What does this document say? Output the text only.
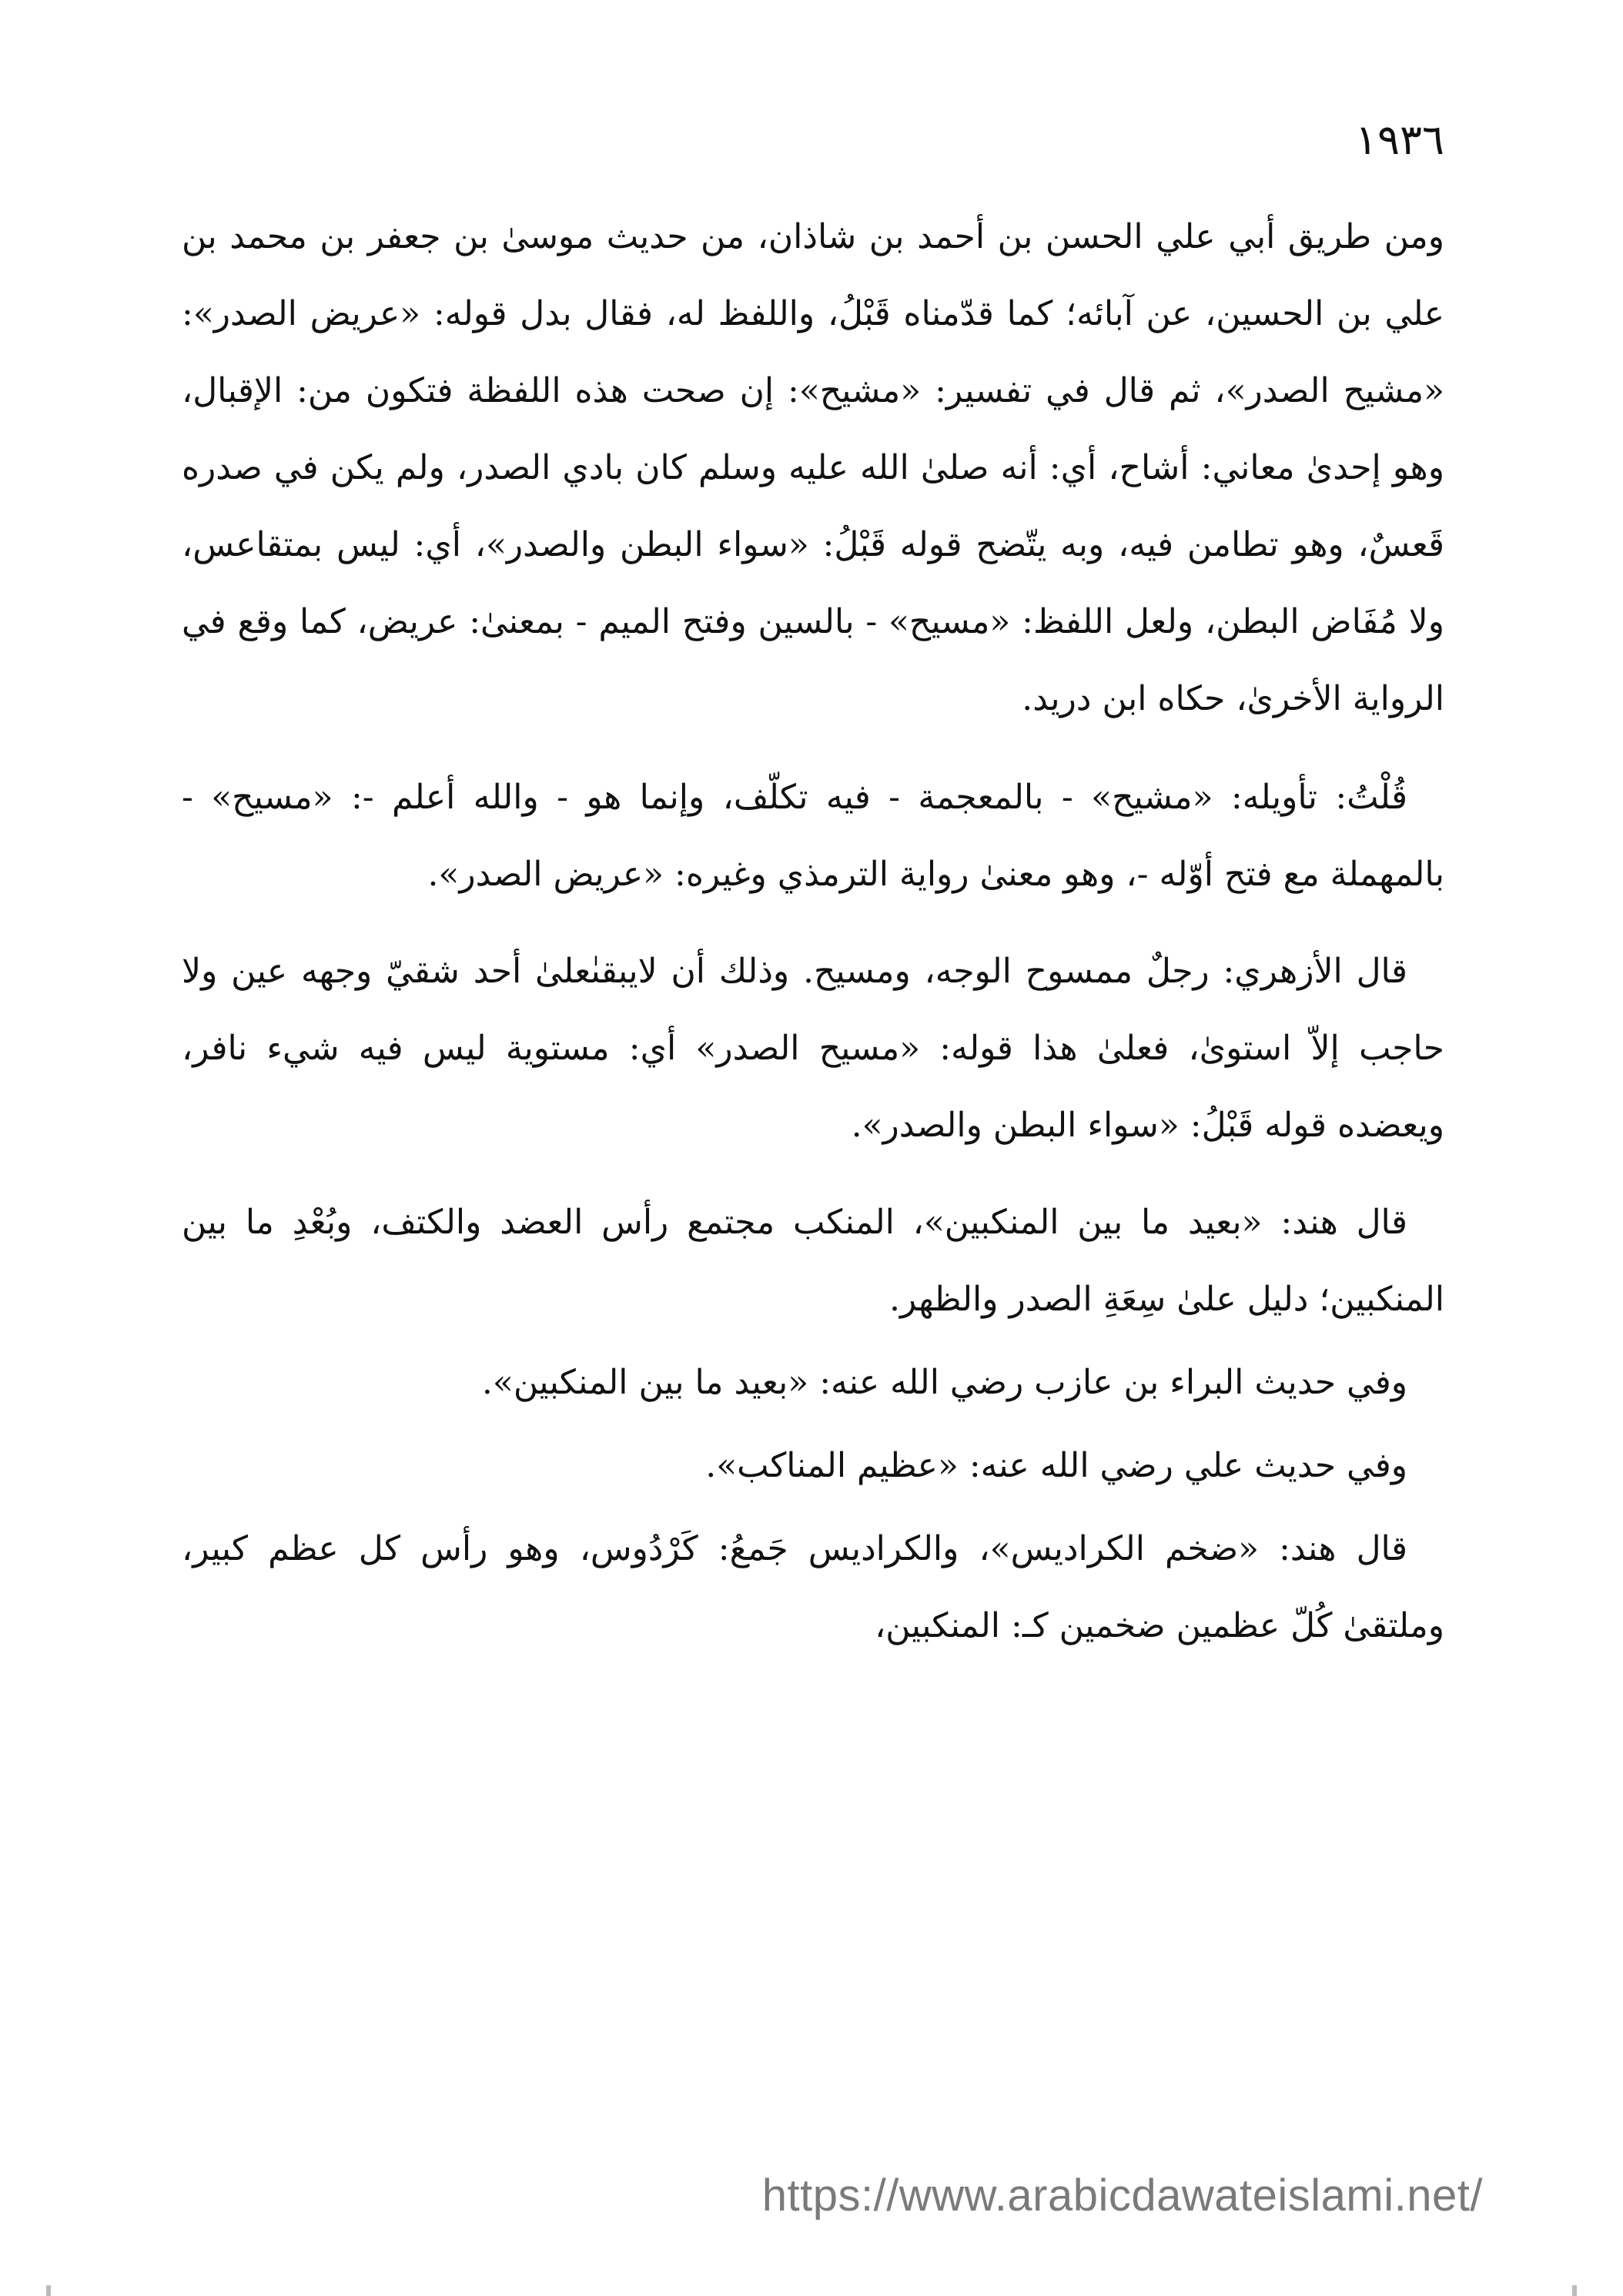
١٩٣٦

ومن طريق أبي علي الحسن بن أحمد بن شاذان، من حديث موسىٰ بن جعفر بن محمد بن علي بن الحسين، عن آبائه؛ كما قدّمناه قَبْلُ، واللفظ له، فقال بدل قوله: «عريض الصدر»: «مشيح الصدر»، ثم قال في تفسير: «مشيح»: إن صحت هذه اللفظة فتكون من: الإقبال، وهو إحدىٰ معاني: أشاح، أي: أنه صلىٰ الله عليه وسلم كان بادي الصدر، ولم يكن في صدره قَعسٌ، وهو تطامن فيه، وبه يتّضح قوله قَبْلُ: «سواء البطن والصدر»، أي: ليس بمتقاعس، ولا مُفَاض البطن، ولعل اللفظ: «مسيح» - بالسين وفتح الميم - بمعنىٰ: عريض، كما وقع في الرواية الأخرىٰ، حكاه ابن دريد.

قُلْتُ: تأويله: «مشيح» - بالمعجمة - فيه تكلّف، وإنما هو - والله أعلم -: «مسيح» - بالمهملة مع فتح أوّله -، وهو معنىٰ رواية الترمذي وغيره: «عريض الصدر».

قال الأزهري: رجلٌ ممسوح الوجه، ومسيح. وذلك أن لايبقىٰعلىٰ أحد شقيّ وجهه عين ولا حاجب إلاّ استوىٰ، فعلىٰ هذا قوله: «مسيح الصدر» أي: مستوية ليس فيه شيء نافر، ويعضده قوله قَبْلُ: «سواء البطن والصدر».

قال هند: «بعيد ما بين المنكبين»، المنكب مجتمع رأس العضد والكتف، وبُعْدِ ما بين المنكبين؛ دليل علىٰ سِعَةِ الصدر والظهر.

وفي حديث البراء بن عازب رضي الله عنه: «بعيد ما بين المنكبين».

وفي حديث علي رضي الله عنه: «عظيم المناكب».

قال هند: «ضخم الكراديس»، والكراديس جَمعُ: كَرْدُوس، وهو رأس كل عظم كبير، وملتقىٰ كُلّ عظمين ضخمين كـ: المنكبين،

https://www.arabicdawateislami.net/
